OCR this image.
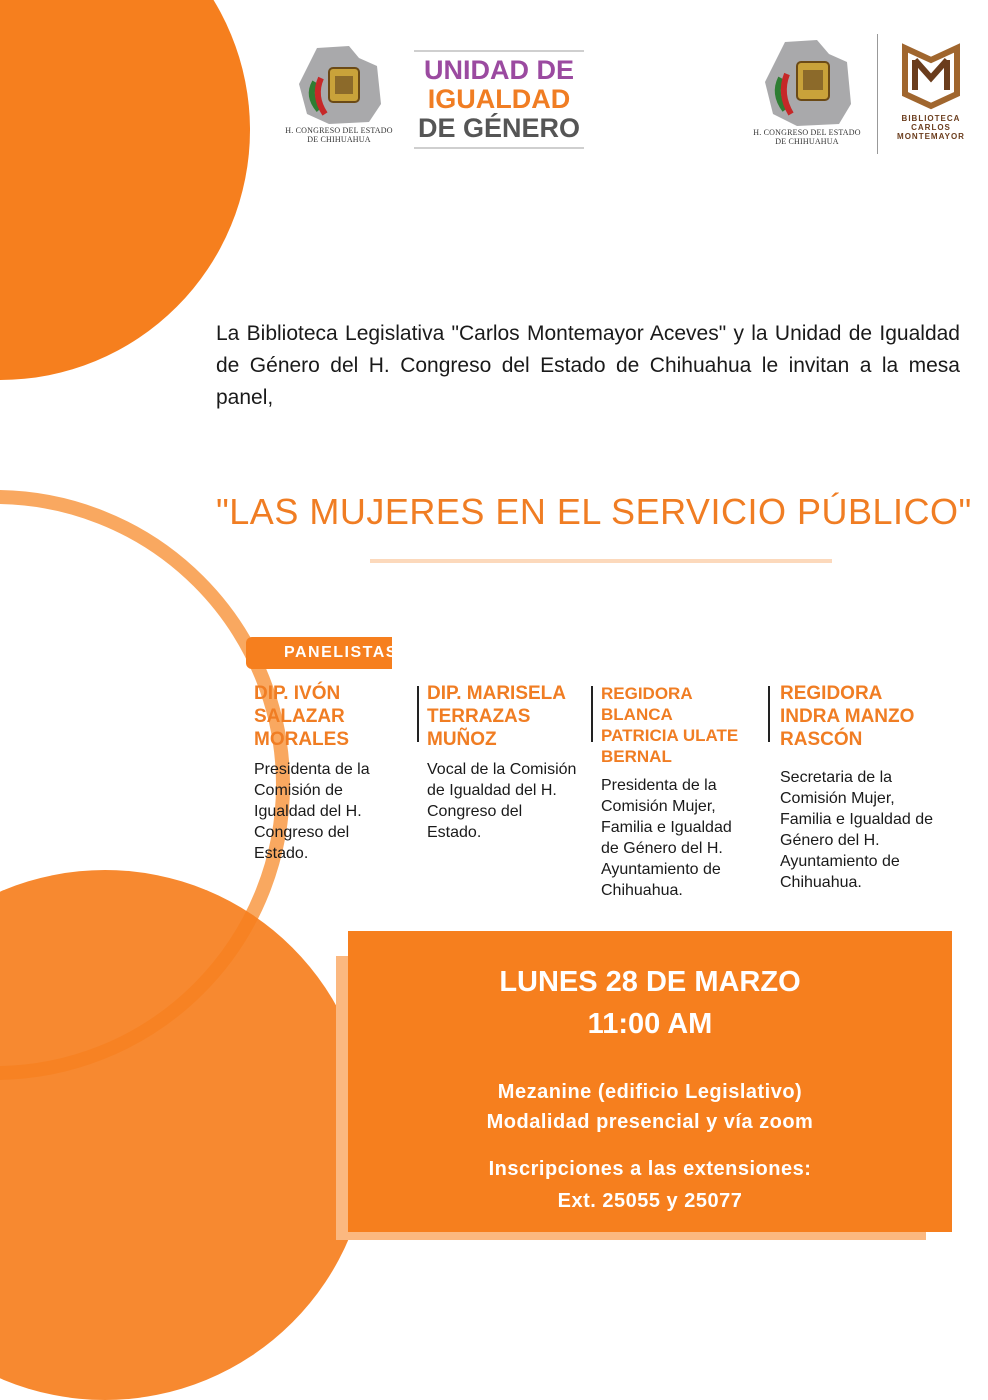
H. CONGRESO DEL ESTADO
DE CHIHUAHUA
UNIDAD DE
IGUALDAD
DE GÉNERO	H. CONGRESO DEL ESTADO
DE CHIHUAHUA
BIBLIOTECA
CARLOS
MONTEMAYOR
La Biblioteca Legislativa "Carlos Montemayor Aceves" y la Unidad de Igualdad de Género del H. Congreso del Estado de Chihuahua le invitan a la mesa panel,
"LAS MUJERES EN EL SERVICIO PÚBLICO"
PANELISTAS
DIP. IVÓN SALAZAR MORALES
Presidenta de la Comisión de Igualdad del H. Congreso del Estado.
DIP. MARISELA TERRAZAS MUÑOZ
Vocal de la Comisión de Igualdad del H. Congreso del Estado.
REGIDORA BLANCA PATRICIA ULATE BERNAL
Presidenta de la Comisión Mujer, Familia e Igualdad de Género del H. Ayuntamiento de Chihuahua.
REGIDORA INDRA MANZO RASCÓN
Secretaria de la Comisión Mujer, Familia e Igualdad de Género del H. Ayuntamiento de Chihuahua.
LUNES 28 DE MARZO
11:00 AM
Mezanine (edificio Legislativo)
Modalidad presencial y vía zoom
Inscripciones a las extensiones:
Ext. 25055 y 25077
